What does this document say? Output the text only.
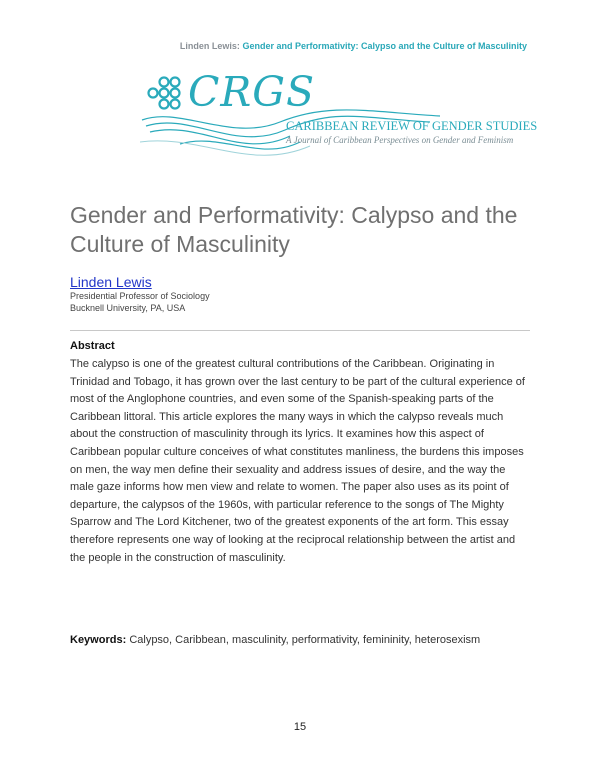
Linden Lewis: Gender and Performativity: Calypso and the Culture of Masculinity
CRGS
CARIBBEAN REVIEW OF GENDER STUDIES
A Journal of Caribbean Perspectives on Gender and Feminism
Gender and Performativity: Calypso and the Culture of Masculinity
Linden Lewis
Presidential Professor of Sociology
Bucknell University, PA, USA
Abstract

The calypso is one of the greatest cultural contributions of the Caribbean. Originating in Trinidad and Tobago, it has grown over the last century to be part of the cultural experience of most of the Anglophone countries, and even some of the Spanish-speaking parts of the Caribbean littoral. This article explores the many ways in which the calypso reveals much about the construction of masculinity through its lyrics. It examines how this aspect of Caribbean popular culture conceives of what constitutes manliness, the burdens this imposes on men, the way men define their sexuality and address issues of desire, and the way the male gaze informs how men view and relate to women. The paper also uses as its point of departure, the calypsos of the 1960s, with particular reference to the songs of The Mighty Sparrow and The Lord Kitchener, two of the greatest exponents of the art form. This essay therefore represents one way of looking at the reciprocal relationship between the artist and the people in the construction of masculinity.

Keywords: Calypso, Caribbean, masculinity, performativity, femininity, heterosexism
15
